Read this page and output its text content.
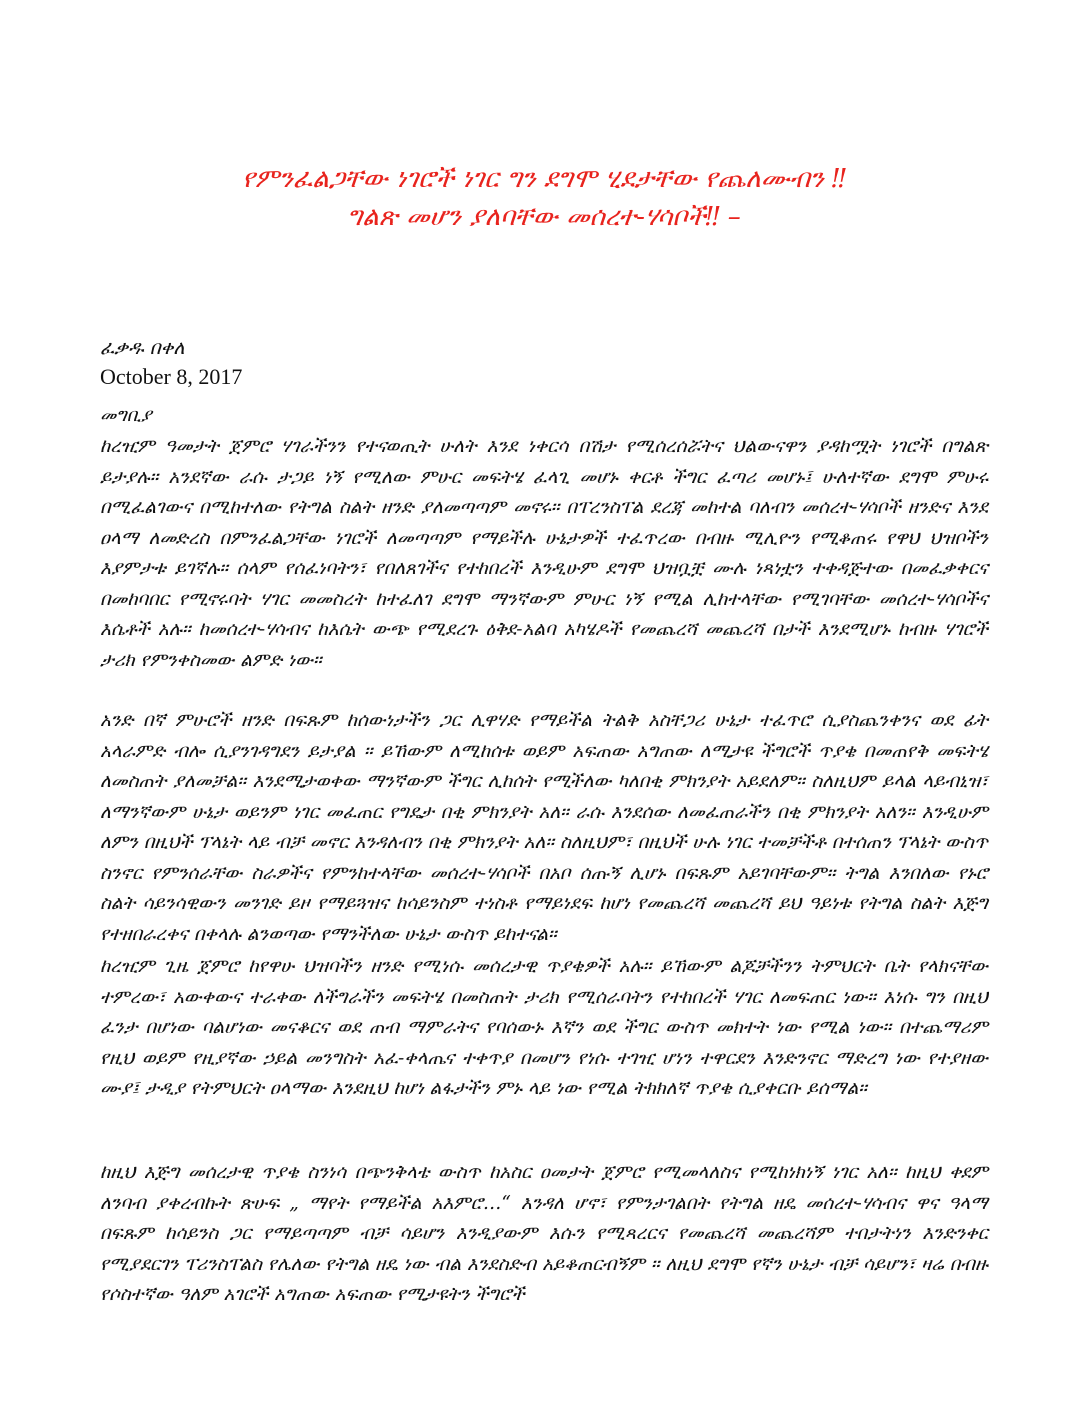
የምንፈልጋቸው ነገሮች ነገር ግን ደግሞ ሂደታቸው የጨለሙብን ‼
ግልጽ መሆን ያለባቸው መሰረተ-ሃሳቦች‼ –
ፈቃዱ በቀለ
October 8, 2017
መግቢያ

ከረዢም ዓመታት ጀምሮ ሃገራችንን የተናወጢት ሁለት እንደ ነቀርሳ በሽታ የሚሰረሰሯትና ህልውናዋን ያዳከሟት ነገሮች በግልጽ ይታያሉ። አንደኛው ራሱ ታጋይ ነኝ የሚለው ምሁር መፍትሄ ፈላጊ መሆኑ ቀርቶ ችግር ፈጣሪ መሆኑ፤ ሁለተኛው ደግሞ ምሁሩ በሚፈልገውና በሚከተለው የትግል ስልት ዘንድ ያለመጣጣም መኖሩ። በፐረንስፐል ደረጃ መከተል ባለብን መሰረተ-ሃሳቦች ዘንድና እንደ ዐላማ ለመድረስ በምንፈልጋቸው ነገሮች ለመጣጣም የማይችሉ ሁኔታዎች ተፈጥረው በብዙ ሚሊዮን የሚቆጠሩ የዋህ ህዝቦችን እያምታቱ ይገኛሉ። ሰላም የሰፈነባትን፣ የበለጸገችና የተከበረች እንዲሁም ደግሞ ህዝቧቿ ሙሉ ነጻነቷን ተቀዳጅተው በመፈቃቀርና በመከባበር የሚኖሩባት ሃገር መመስረት ከተፈለገ ደግሞ ማንኛውም ምሁር ነኝ የሚል ሊከተላቸው የሚገባቸው መሰረተ-ሃሳቦችና እሴቶች አሉ። ከመሰረተ-ሃሳብና ከእሴት ውጭ የሚደረጉ ዕቅደ-አልባ አካሄዶች የመጨረሻ መጨረሻ በታች እንደሚሆኑ ከብዙ ሃገሮች ታሪክ የምንቀስመው ልምድ ነው።

አንድ በኛ ምሁሮች ዘንድ በፍጹም ከሰውነታችን ጋር ሊዋሃድ የማይችል ትልቅ አስቸጋሪ ሁኔታ ተፈጥሮ ሲያስጨንቀንና ወደ ፊት አላራምድ ብሎ ሲያንገዳግደን ይታያል ። ይኸውም ለሚከሰቱ ወይም አፍጠው አግጠው ለሚታዩ ችግሮች ጥያቄ በመጠየቅ መፍትሄ ለመስጠት ያለመቻል። እንደሚታወቀው ማንኛውም ችግር ሊከሰት የሚችለው ካለበቂ ምክንያት አይደለም። ስለዚህም ይላል ላይብኒዝ፣ ለማንኛውም ሁኔታ ወይንም ነገር መፈጠር የግዴታ በቂ ምክንያት አለ። ራሱ እንደሰው ለመፈጠራችን በቂ ምክንያት አለን። እንዲሁም ለምን በዚህች ፕላኔት ላይ ብቻ መኖር እንዳለብን በቂ ምክንያት አለ። ስለዚህም፣ በዚህች ሁሉ ነገር ተመቻችቶ በተሰጠን ፕላኔት ውስጥ ስንኖር የምንሰራቸው ስራዎችና የምንከተላቸው መሰረተ-ሃሳቦች በአቦ ሰጡኝ ሊሆኑ በፍጹም አይገባቸውም። ትግል እንበለው የኑሮ ስልት ሳይንሳዊውን መንገድ ይዞ የማይጓዝና ከሳይንስም ተነስቶ የማይነደፍ ከሆነ የመጨረሻ መጨረሻ ይህ ዓይነቱ የትግል ስልት እጅግ የተዘበራረቀና በቀላሉ ልንወጣው የማንችለው ሁኔታ ውስጥ ይከተናል።

ከረዢም ጊዜ ጀምሮ ከየዋሁ ህዝባችን ዘንድ የሚነሱ መሰረታዊ ጥያቄዎች አሉ። ይኸውም ልጆቻችንን ትምህርት ቤት የላክናቸው ተምረው፣ አውቀውና ተራቀው ለችግራችን መፍትሄ በመስጠት ታሪክ የሚሰራባትን የተከበረች ሃገር ለመፍጠር ነው። እነሱ ግን በዚህ ፈንታ በሆነው ባልሆነው መናቆርና ወደ ጠብ ማምራትና የባሰውኑ እኛን ወደ ችግር ውስጥ መክተት ነው የሚል ነው። በተጨማሪም የዚህ ወይም የዚያኛው ኃይል መንግስት አፈ-ቀላጤና ተቀጥያ በመሆን የነሱ ተገዢ ሆነን ተዋርደን እንድንኖር ማድረግ ነው የተያዘው ሙያ፤ ታዲያ የትምህርት ዐላማው እንደዚህ ከሆነ ልፋታችን ምኑ ላይ ነው የሚል ትክክለኛ ጥያቄ ሲያቀርቡ ይሰማል።

ከዚህ እጅግ መሰረታዊ ጥያቄ ስንነሳ በጭንቅላቴ ውስጥ ከአስር ዐመታት ጀምሮ የሚመላለስና የሚከነክነኝ ነገር አለ። ከዚህ ቀደም ለንባብ ያቀረብኩት ጽሁፍ „ ማየት የማይችል አእምሮ…“ እንዳለ ሆኖ፣ የምንታገልበት የትግል ዘዴ መሰረተ-ሃሳብና ዋና ዓላማ በፍጹም ከሳይንስ ጋር የማይጣጣም ብቻ ሳይሆን እንዲያውም እሱን የሚጻረርና የመጨረሻ መጨረሻም ተበታትነን እንድንቀር የሚያደርገን ፐሪንስፐልስ የሌለው የትግል ዘዴ ነው ብል እንደስድብ አይቆጠርብኝም ። ለዚህ ደግሞ የኛን ሁኔታ ብቻ ሳይሆን፣ ዛሬ በብዙ የሶስተኛው ዓለም አገሮች አግጠው አፍጠው የሚታዩትን ችግሮች
